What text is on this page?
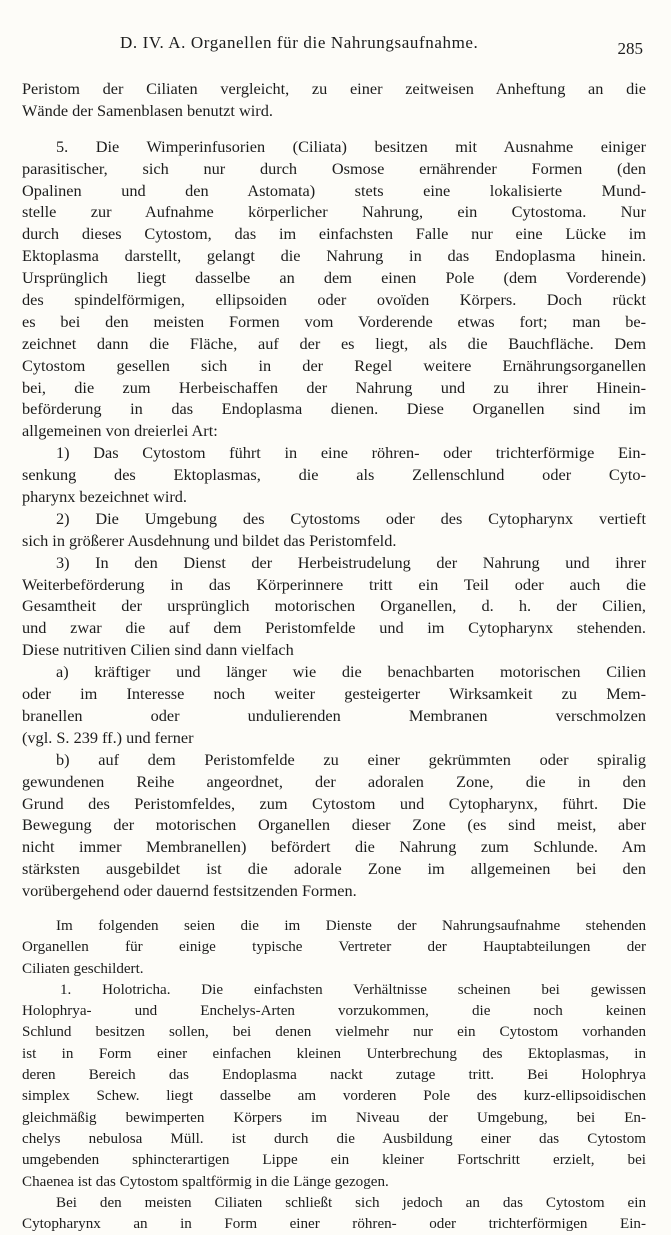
D. IV. A. Organellen für die Nahrungsaufnahme.	285
Peristom der Ciliaten vergleicht, zu einer zeitweisen Anheftung an die
Wände der Samenblasen benutzt wird.
5. Die Wimperinfusorien (Ciliata) besitzen mit Ausnahme einiger
parasitischer, sich nur durch Osmose ernährender Formen (den
Opalinen und den Astomata) stets eine lokalisierte Mund-
stelle zur Aufnahme körperlicher Nahrung, ein Cytostoma. Nur
durch dieses Cytostom, das im einfachsten Falle nur eine Lücke im
Ektoplasma darstellt, gelangt die Nahrung in das Endoplasma hinein.
Ursprünglich liegt dasselbe an dem einen Pole (dem Vorderende)
des spindelförmigen, ellipsoiden oder ovoïden Körpers. Doch rückt
es bei den meisten Formen vom Vorderende etwas fort; man be-
zeichnet dann die Fläche, auf der es liegt, als die Bauchfläche. Dem
Cytostom gesellen sich in der Regel weitere Ernährungsorganellen
bei, die zum Herbeischaffen der Nahrung und zu ihrer Hinein-
beförderung in das Endoplasma dienen. Diese Organellen sind im
allgemeinen von dreierlei Art:
1) Das Cytostom führt in eine röhren- oder trichterförmige Ein-
senkung des Ektoplasmas, die als Zellenschlund oder Cyto-
pharynx bezeichnet wird.
2) Die Umgebung des Cytostoms oder des Cytopharynx vertieft
sich in größerer Ausdehnung und bildet das Peristomfeld.
3) In den Dienst der Herbeistrudelung der Nahrung und ihrer
Weiterbeförderung in das Körperinnere tritt ein Teil oder auch die
Gesamtheit der ursprünglich motorischen Organellen, d. h. der Cilien,
und zwar die auf dem Peristomfelde und im Cytopharynx stehenden.
Diese nutritiven Cilien sind dann vielfach
a) kräftiger und länger wie die benachbarten motorischen Cilien
oder im Interesse noch weiter gesteigerter Wirksamkeit zu Mem-
branellen oder undulierenden Membranen verschmolzen
(vgl. S. 239 ff.) und ferner
b) auf dem Peristomfelde zu einer gekrümmten oder spiralig
gewundenen Reihe angeordnet, der adoralen Zone, die in den
Grund des Peristomfeldes, zum Cytostom und Cytopharynx, führt. Die
Bewegung der motorischen Organellen dieser Zone (es sind meist, aber
nicht immer Membranellen) befördert die Nahrung zum Schlunde. Am
stärksten ausgebildet ist die adorale Zone im allgemeinen bei den
vorübergehend oder dauernd festsitzenden Formen.
Im folgenden seien die im Dienste der Nahrungsaufnahme stehenden
Organellen für einige typische Vertreter der Hauptabteilungen der
Ciliaten geschildert.
1. Holotricha. Die einfachsten Verhältnisse scheinen bei gewissen
Holophrya- und Enchelys-Arten vorzukommen, die noch keinen
Schlund besitzen sollen, bei denen vielmehr nur ein Cytostom vorhanden
ist in Form einer einfachen kleinen Unterbrechung des Ektoplasmas, in
deren Bereich das Endoplasma nackt zutage tritt. Bei Holophrya
simplex Schew. liegt dasselbe am vorderen Pole des kurz-ellipsoidischen
gleichmäßig bewimperten Körpers im Niveau der Umgebung, bei En-
chelys nebulosa Müll. ist durch die Ausbildung einer das Cytostom
umgebenden sphincterartigen Lippe ein kleiner Fortschritt erzielt, bei
Chaenea ist das Cytostom spaltförmig in die Länge gezogen.
Bei den meisten Ciliaten schließt sich jedoch an das Cytostom ein
Cytopharynx an in Form einer röhren- oder trichterförmigen Ein-
